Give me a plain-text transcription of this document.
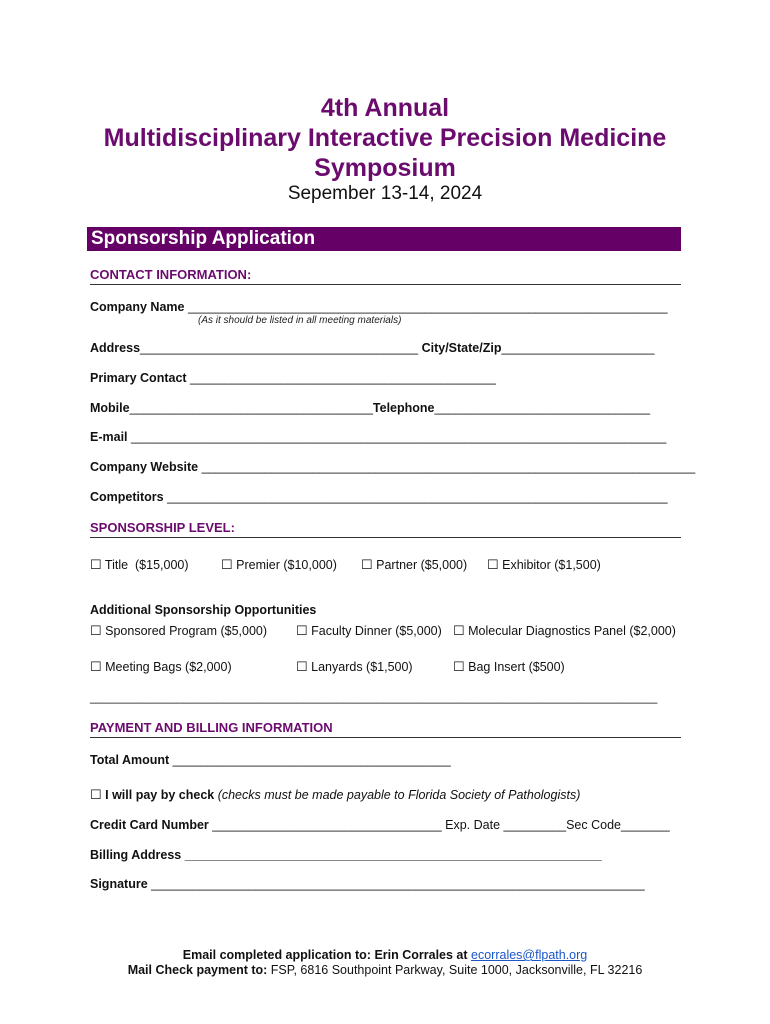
4th Annual
Multidisciplinary Interactive Precision Medicine
Symposium
Sepember 13-14, 2024
Sponsorship Application
CONTACT INFORMATION:
Company Name _____________________________________________________________________
(As it should be listed in all meeting materials)
Address________________________________________ City/State/Zip______________________
Primary Contact ____________________________________________
Mobile___________________________________Telephone_______________________________
E-mail _____________________________________________________________________________
Company Website _______________________________________________________________________
Competitors ________________________________________________________________________
SPONSORSHIP LEVEL:
☐ Title  ($15,000) ☐ Premier ($10,000) ☐ Partner ($5,000) ☐ Exhibitor ($1,500)
Additional Sponsorship Opportunities
☐ Sponsored Program ($5,000) ☐ Faculty Dinner ($5,000) ☐ Molecular Diagnostics Panel ($2,000)
☐ Meeting Bags ($2,000)	☐ Lanyards ($1,500)	☐ Bag Insert ($500)
_____________________________________________________________________________________
PAYMENT AND BILLING INFORMATION
Total Amount ________________________________________
☐ I will pay by check (checks must be made payable to Florida Society of Pathologists)
Credit Card Number _________________________________ Exp. Date _________Sec Code_______
Billing Address ____________________________________________________________
Signature _______________________________________________________________________
Email completed application to: Erin Corrales at ecorrales@flpath.org
Mail Check payment to: FSP, 6816 Southpoint Parkway, Suite 1000, Jacksonville, FL 32216
